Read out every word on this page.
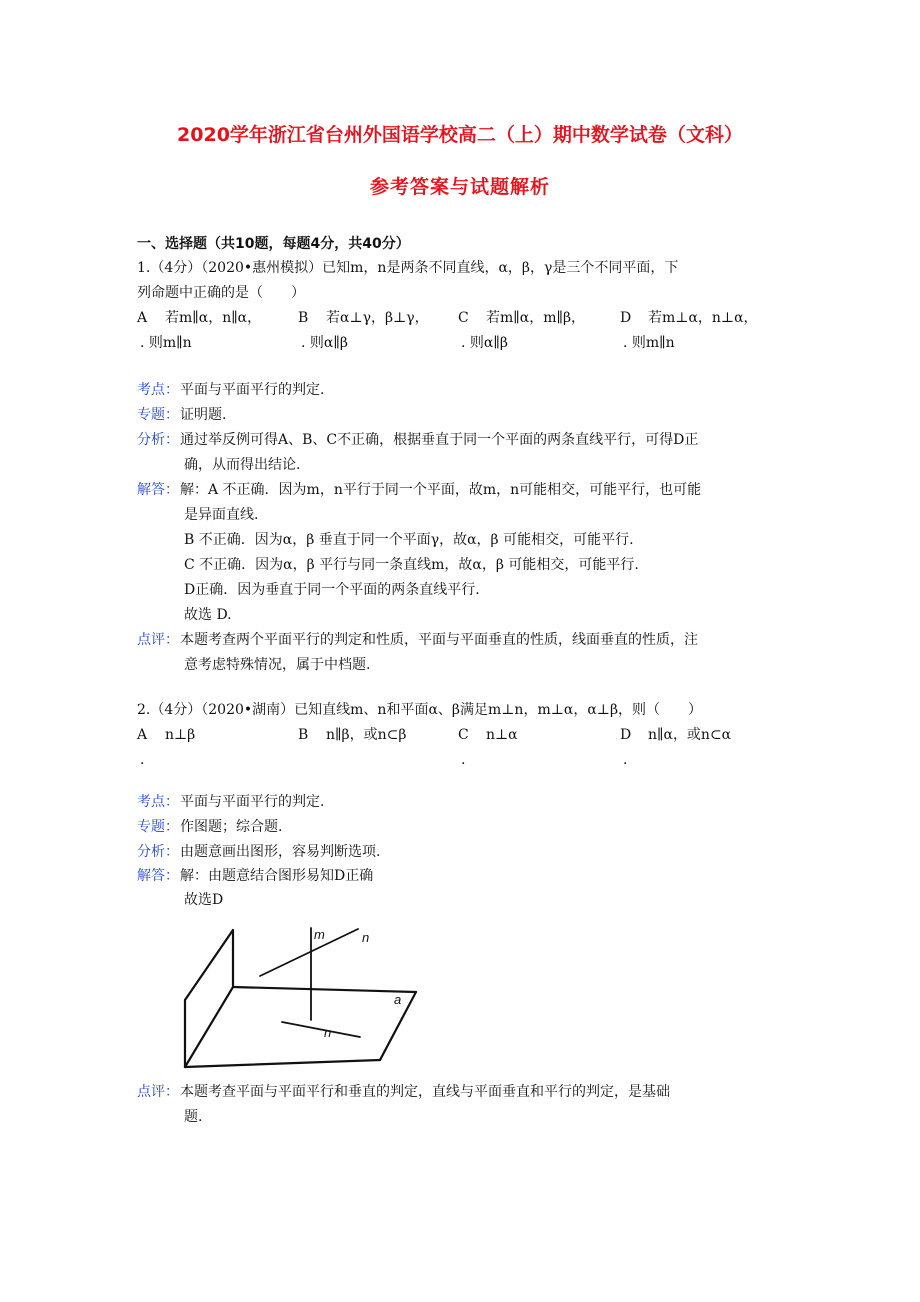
2020学年浙江省台州外国语学校高二（上）期中数学试卷（文科）
参考答案与试题解析
一、选择题（共10题，每题4分，共40分）
1.（4分）（2020•惠州模拟）已知m，n是两条不同直线，α，β，γ是三个不同平面，下
列命题中正确的是（　　）
A 若m∥α，n∥α，
. 则m∥n
B 若α⊥γ，β⊥γ，
. 则α∥β
C 若m∥α，m∥β，
. 则α∥β
D 若m⊥α，n⊥α，
. 则m∥n
考点： 平面与平面平行的判定.
专题： 证明题.
分析： 通过举反例可得A、B、C不正确，根据垂直于同一个平面的两条直线平行，可得D正
确，从而得出结论.
解答： 解：A 不正确．因为m，n平行于同一个平面，故m，n可能相交，可能平行，也可能
是异面直线.
B 不正确．因为α，β 垂直于同一个平面γ，故α，β 可能相交，可能平行.
C 不正确．因为α，β 平行与同一条直线m，故α，β 可能相交，可能平行.
D正确．因为垂直于同一个平面的两条直线平行.
故选 D.
点评： 本题考查两个平面平行的判定和性质，平面与平面垂直的性质，线面垂直的性质，注
意考虑特殊情况，属于中档题.
2.（4分）（2020•湖南）已知直线m、n和平面α、β满足m⊥n，m⊥α，α⊥β，则（　　）
A n⊥β
.
B n∥β，或n⊂β
.
C n⊥α	D n∥α，或n⊂α
.
考点： 平面与平面平行的判定.
专题： 作图题；综合题.
分析： 由题意画出图形，容易判断选项.
解答： 解：由题意结合图形易知D正确
故选D
m	n
a
n
点评： 本题考查平面与平面平行和垂直的判定，直线与平面垂直和平行的判定，是基础
题.
